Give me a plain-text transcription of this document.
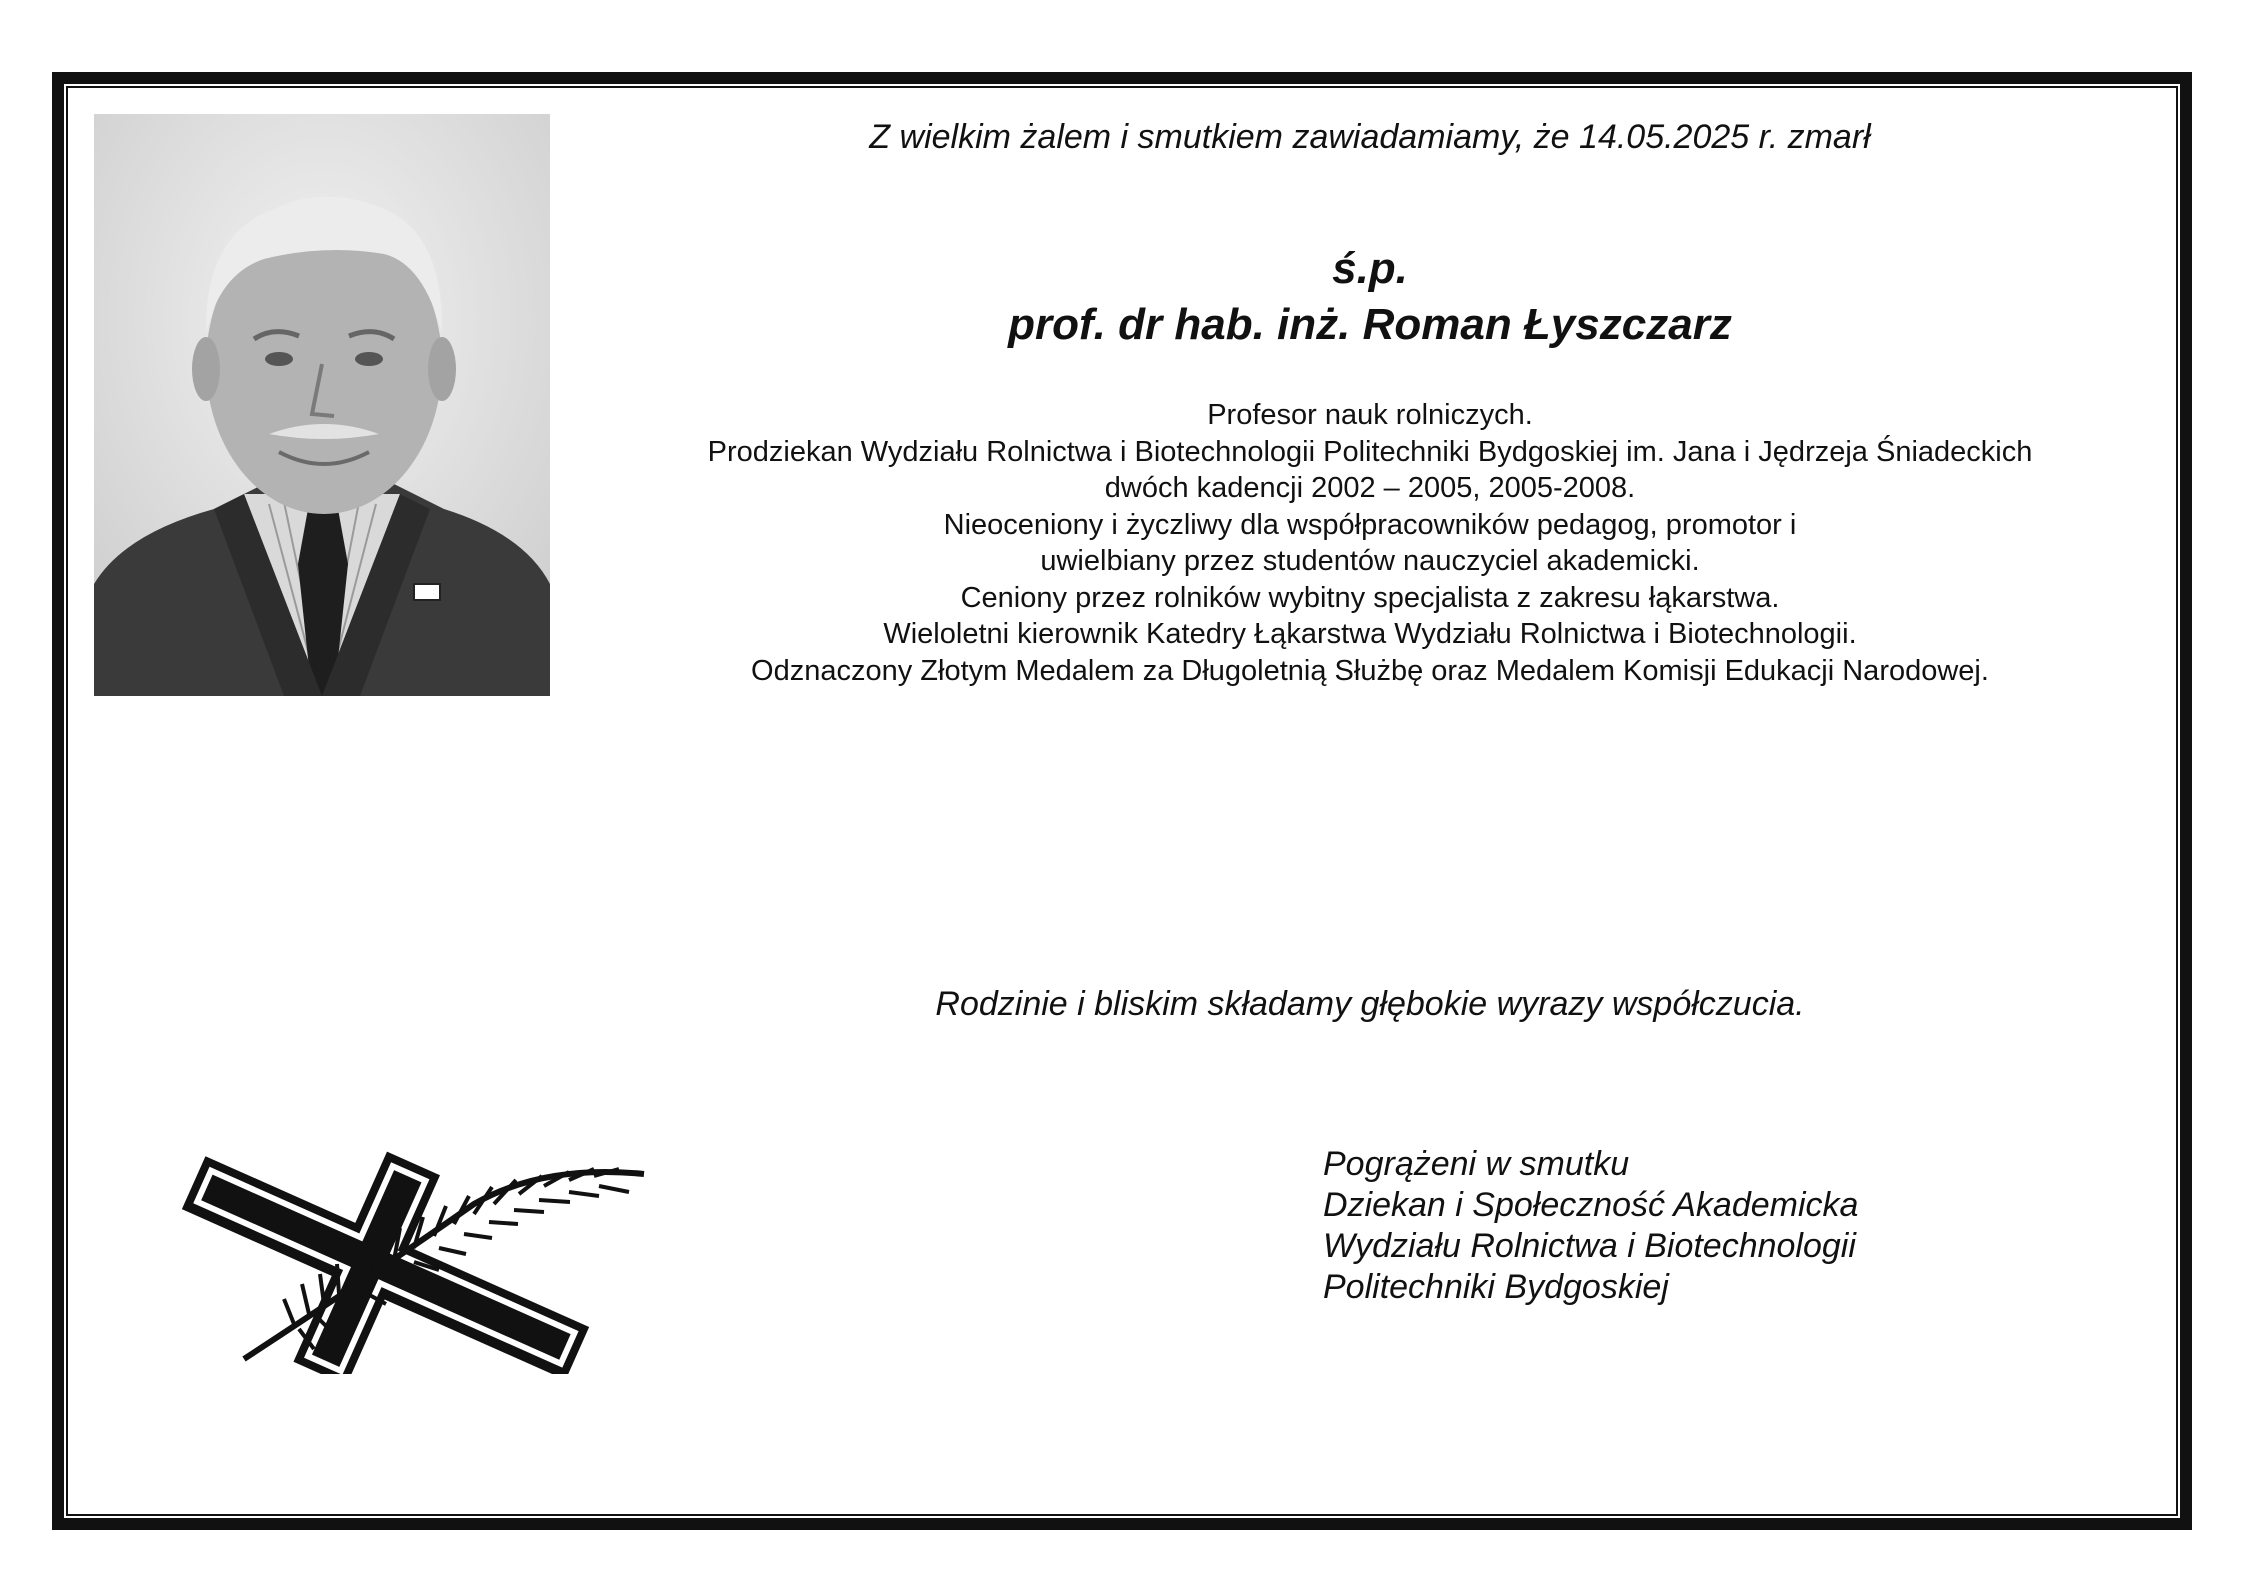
Z wielkim żalem i smutkiem zawiadamiamy, że 14.05.2025 r. zmarł
ś.p.
prof. dr hab. inż. Roman Łyszczarz
Profesor nauk rolniczych.
Prodziekan Wydziału Rolnictwa i Biotechnologii Politechniki Bydgoskiej im. Jana i Jędrzeja Śniadeckich
dwóch kadencji 2002 – 2005, 2005-2008.
Nieoceniony i życzliwy dla współpracowników pedagog, promotor i
uwielbiany przez studentów nauczyciel akademicki.
Ceniony przez rolników wybitny specjalista z zakresu łąkarstwa.
Wieloletni kierownik Katedry Łąkarstwa Wydziału Rolnictwa i Biotechnologii.
Odznaczony Złotym Medalem za Długoletnią Służbę oraz Medalem Komisji Edukacji Narodowej.
Rodzinie i bliskim składamy głębokie wyrazy współczucia.
Pogrążeni w smutku
Dziekan i Społeczność Akademicka
Wydziału Rolnictwa i Biotechnologii
Politechniki Bydgoskiej
